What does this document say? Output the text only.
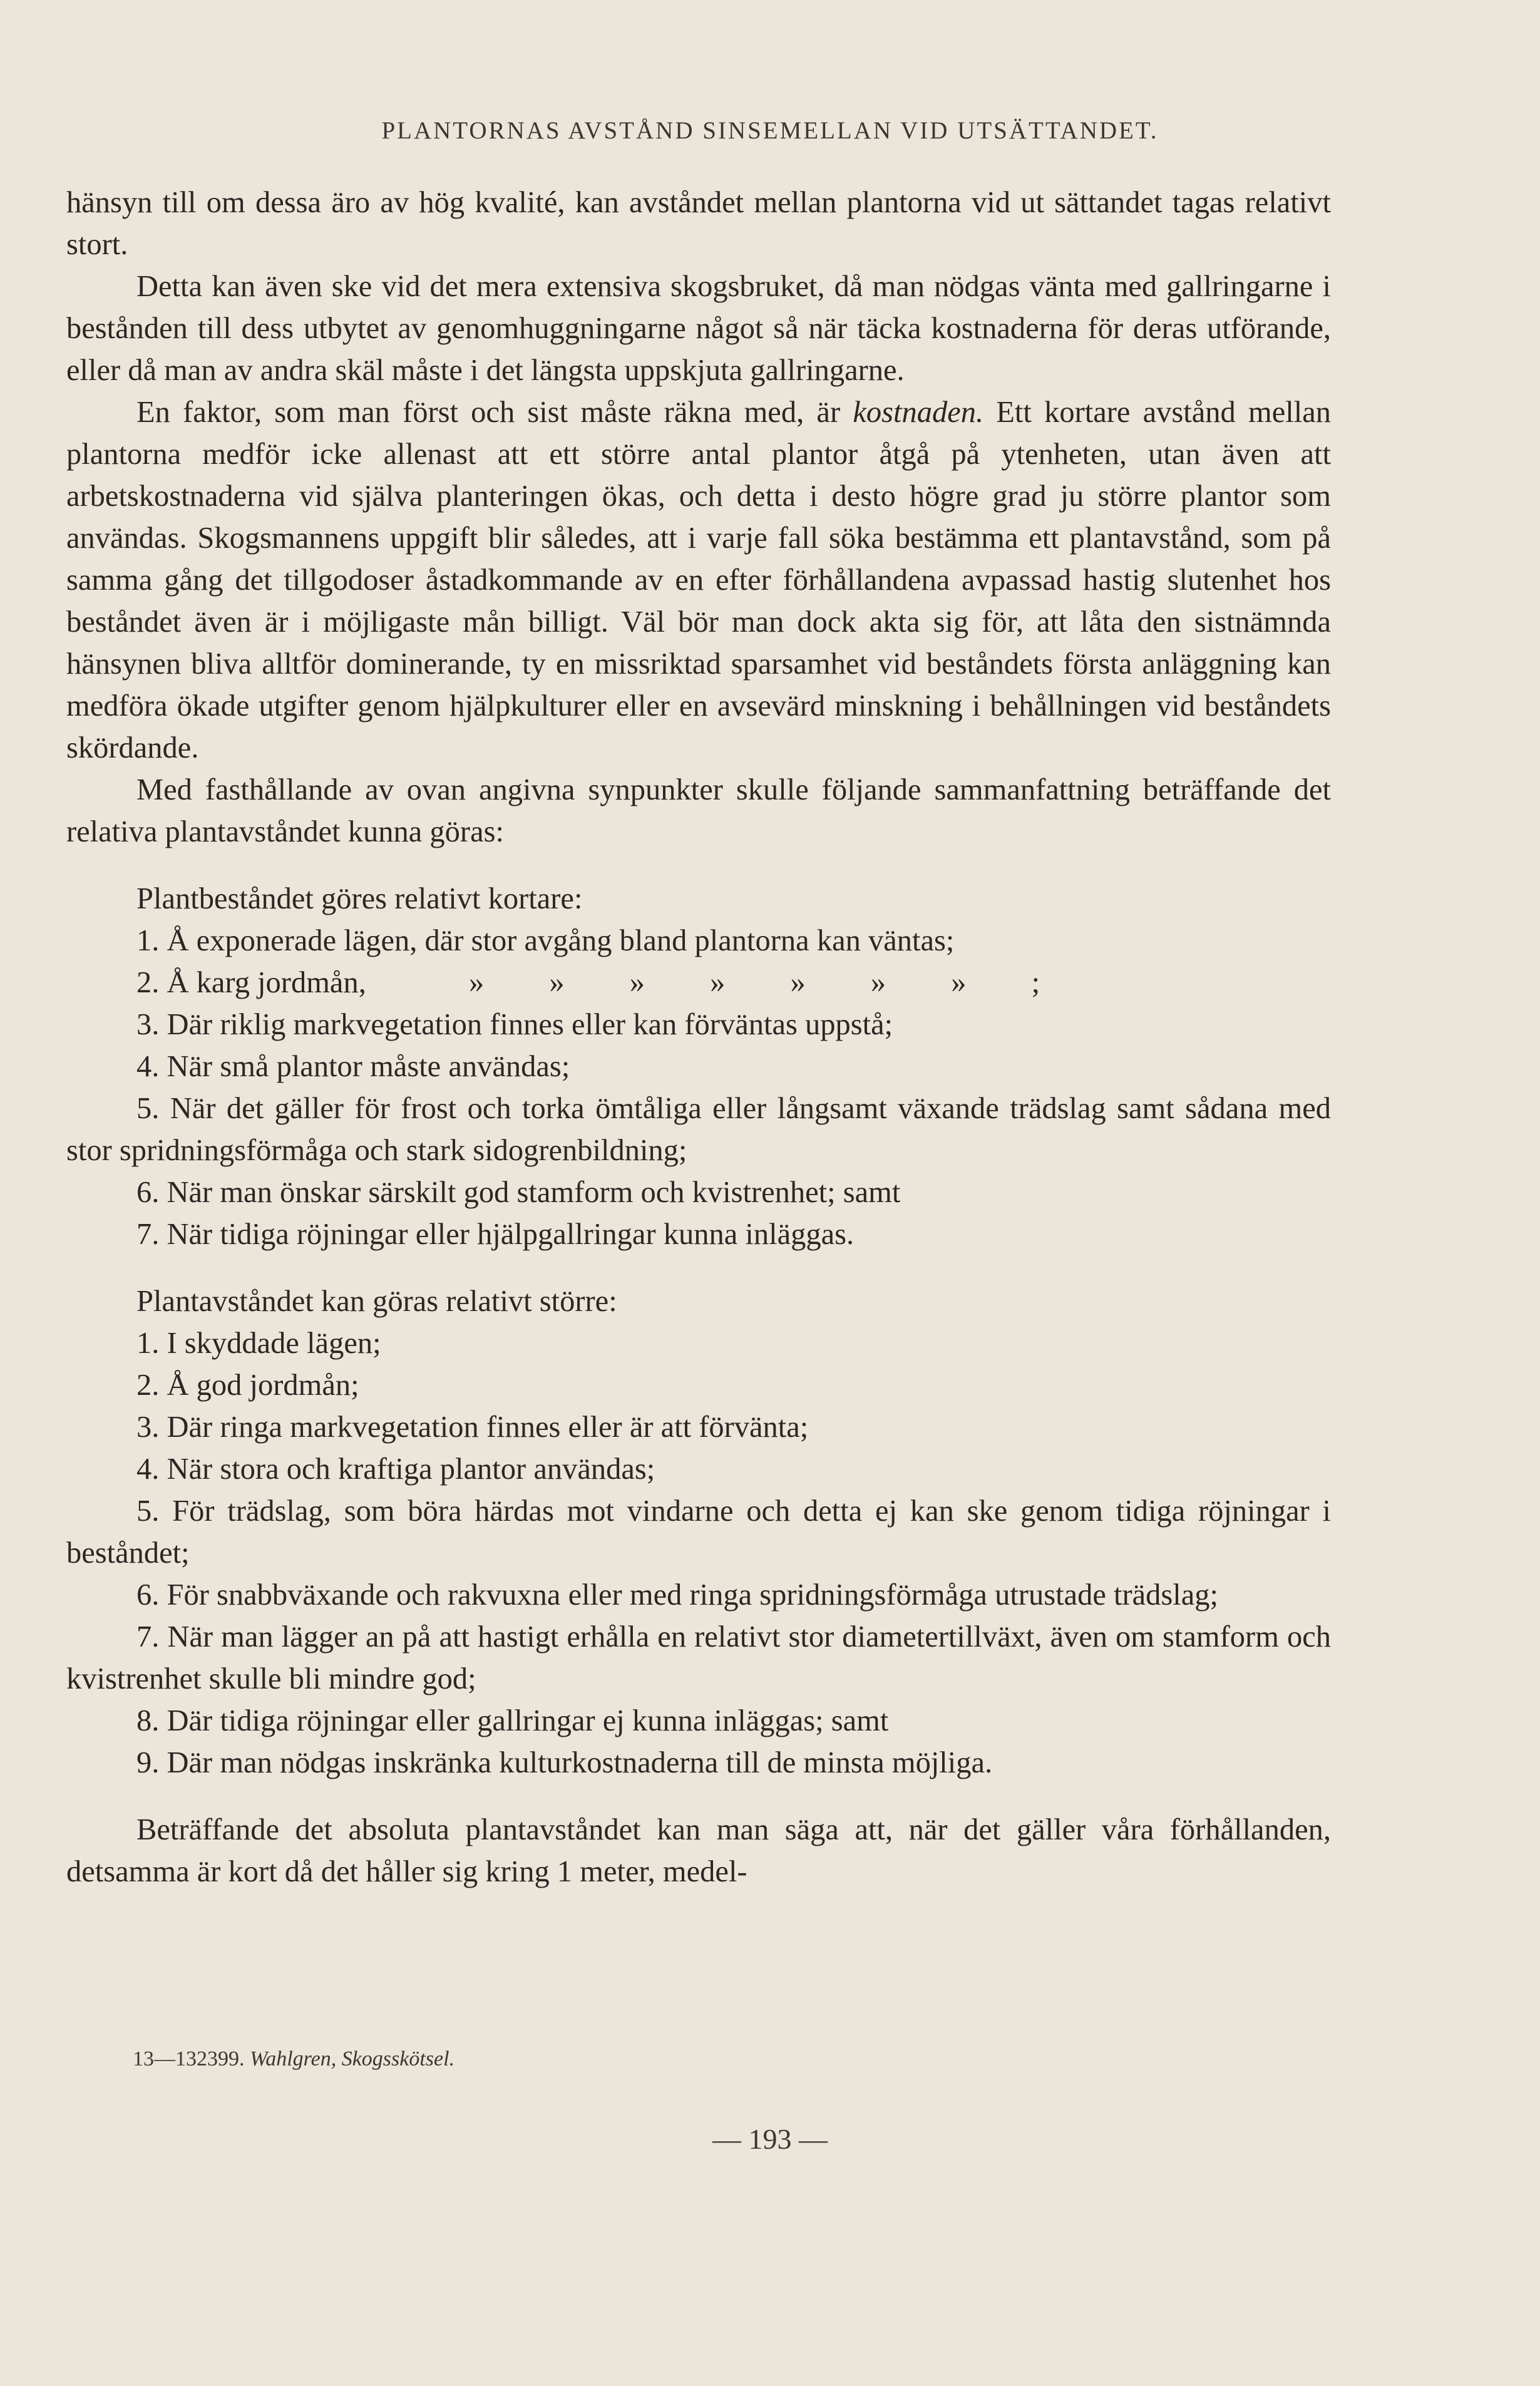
PLANTORNAS AVSTÅND SINSEMELLAN VID UTSÄTTANDET.

hänsyn till om dessa äro av hög kvalité, kan avståndet mellan plantorna vid ut sättandet tagas relativt stort.

Detta kan även ske vid det mera extensiva skogsbruket, då man nödgas vänta med gallringarne i bestånden till dess utbytet av genomhuggningarne något så när täcka kostnaderna för deras utförande, eller då man av andra skäl måste i det längsta uppskjuta gallringarne.

En faktor, som man först och sist måste räkna med, är kostnaden. Ett kortare avstånd mellan plantorna medför icke allenast att ett större antal plantor åtgå på ytenheten, utan även att arbetskostnaderna vid själva planteringen ökas, och detta i desto högre grad ju större plantor som användas. Skogsmannens uppgift blir således, att i varje fall söka bestämma ett plantavstånd, som på samma gång det tillgodoser åstadkommande av en efter förhållandena avpassad hastig slutenhet hos beståndet även är i möjligaste mån billigt. Väl bör man dock akta sig för, att låta den sistnämnda hänsynen bliva alltför dominerande, ty en missriktad sparsamhet vid beståndets första anläggning kan medföra ökade utgifter genom hjälpkulturer eller en avsevärd minskning i behållningen vid beståndets skördande.

Med fasthållande av ovan angivna synpunkter skulle följande sammanfattning beträffande det relativa plantavståndet kunna göras:

Plantbeståndet göres relativt kortare:

1. Å exponerade lägen, där stor avgång bland plantorna kan väntas;

2. Å karg jordmån,	» » » » » » » ;

3. Där riklig markvegetation finnes eller kan förväntas uppstå;

4. När små plantor måste användas;

5. När det gäller för frost och torka ömtåliga eller långsamt växande trädslag samt sådana med stor spridningsförmåga och stark sidogrenbildning;

6. När man önskar särskilt god stamform och kvistrenhet; samt

7. När tidiga röjningar eller hjälpgallringar kunna inläggas.

Plantavståndet kan göras relativt större:

1. I skyddade lägen;

2. Å god jordmån;

3. Där ringa markvegetation finnes eller är att förvänta;

4. När stora och kraftiga plantor användas;

5. För trädslag, som böra härdas mot vindarne och detta ej kan ske genom tidiga röjningar i beståndet;

6. För snabbväxande och rakvuxna eller med ringa spridningsförmåga utrustade trädslag;

7. När man lägger an på att hastigt erhålla en relativt stor diametertillväxt, även om stamform och kvistrenhet skulle bli mindre god;

8. Där tidiga röjningar eller gallringar ej kunna inläggas; samt

9. Där man nödgas inskränka kulturkostnaderna till de minsta möjliga.

Beträffande det absoluta plantavståndet kan man säga att, när det gäller våra förhållanden, detsamma är kort då det håller sig kring 1 meter, medel-

13—132399. Wahlgren, Skogsskötsel.
— 193 —
